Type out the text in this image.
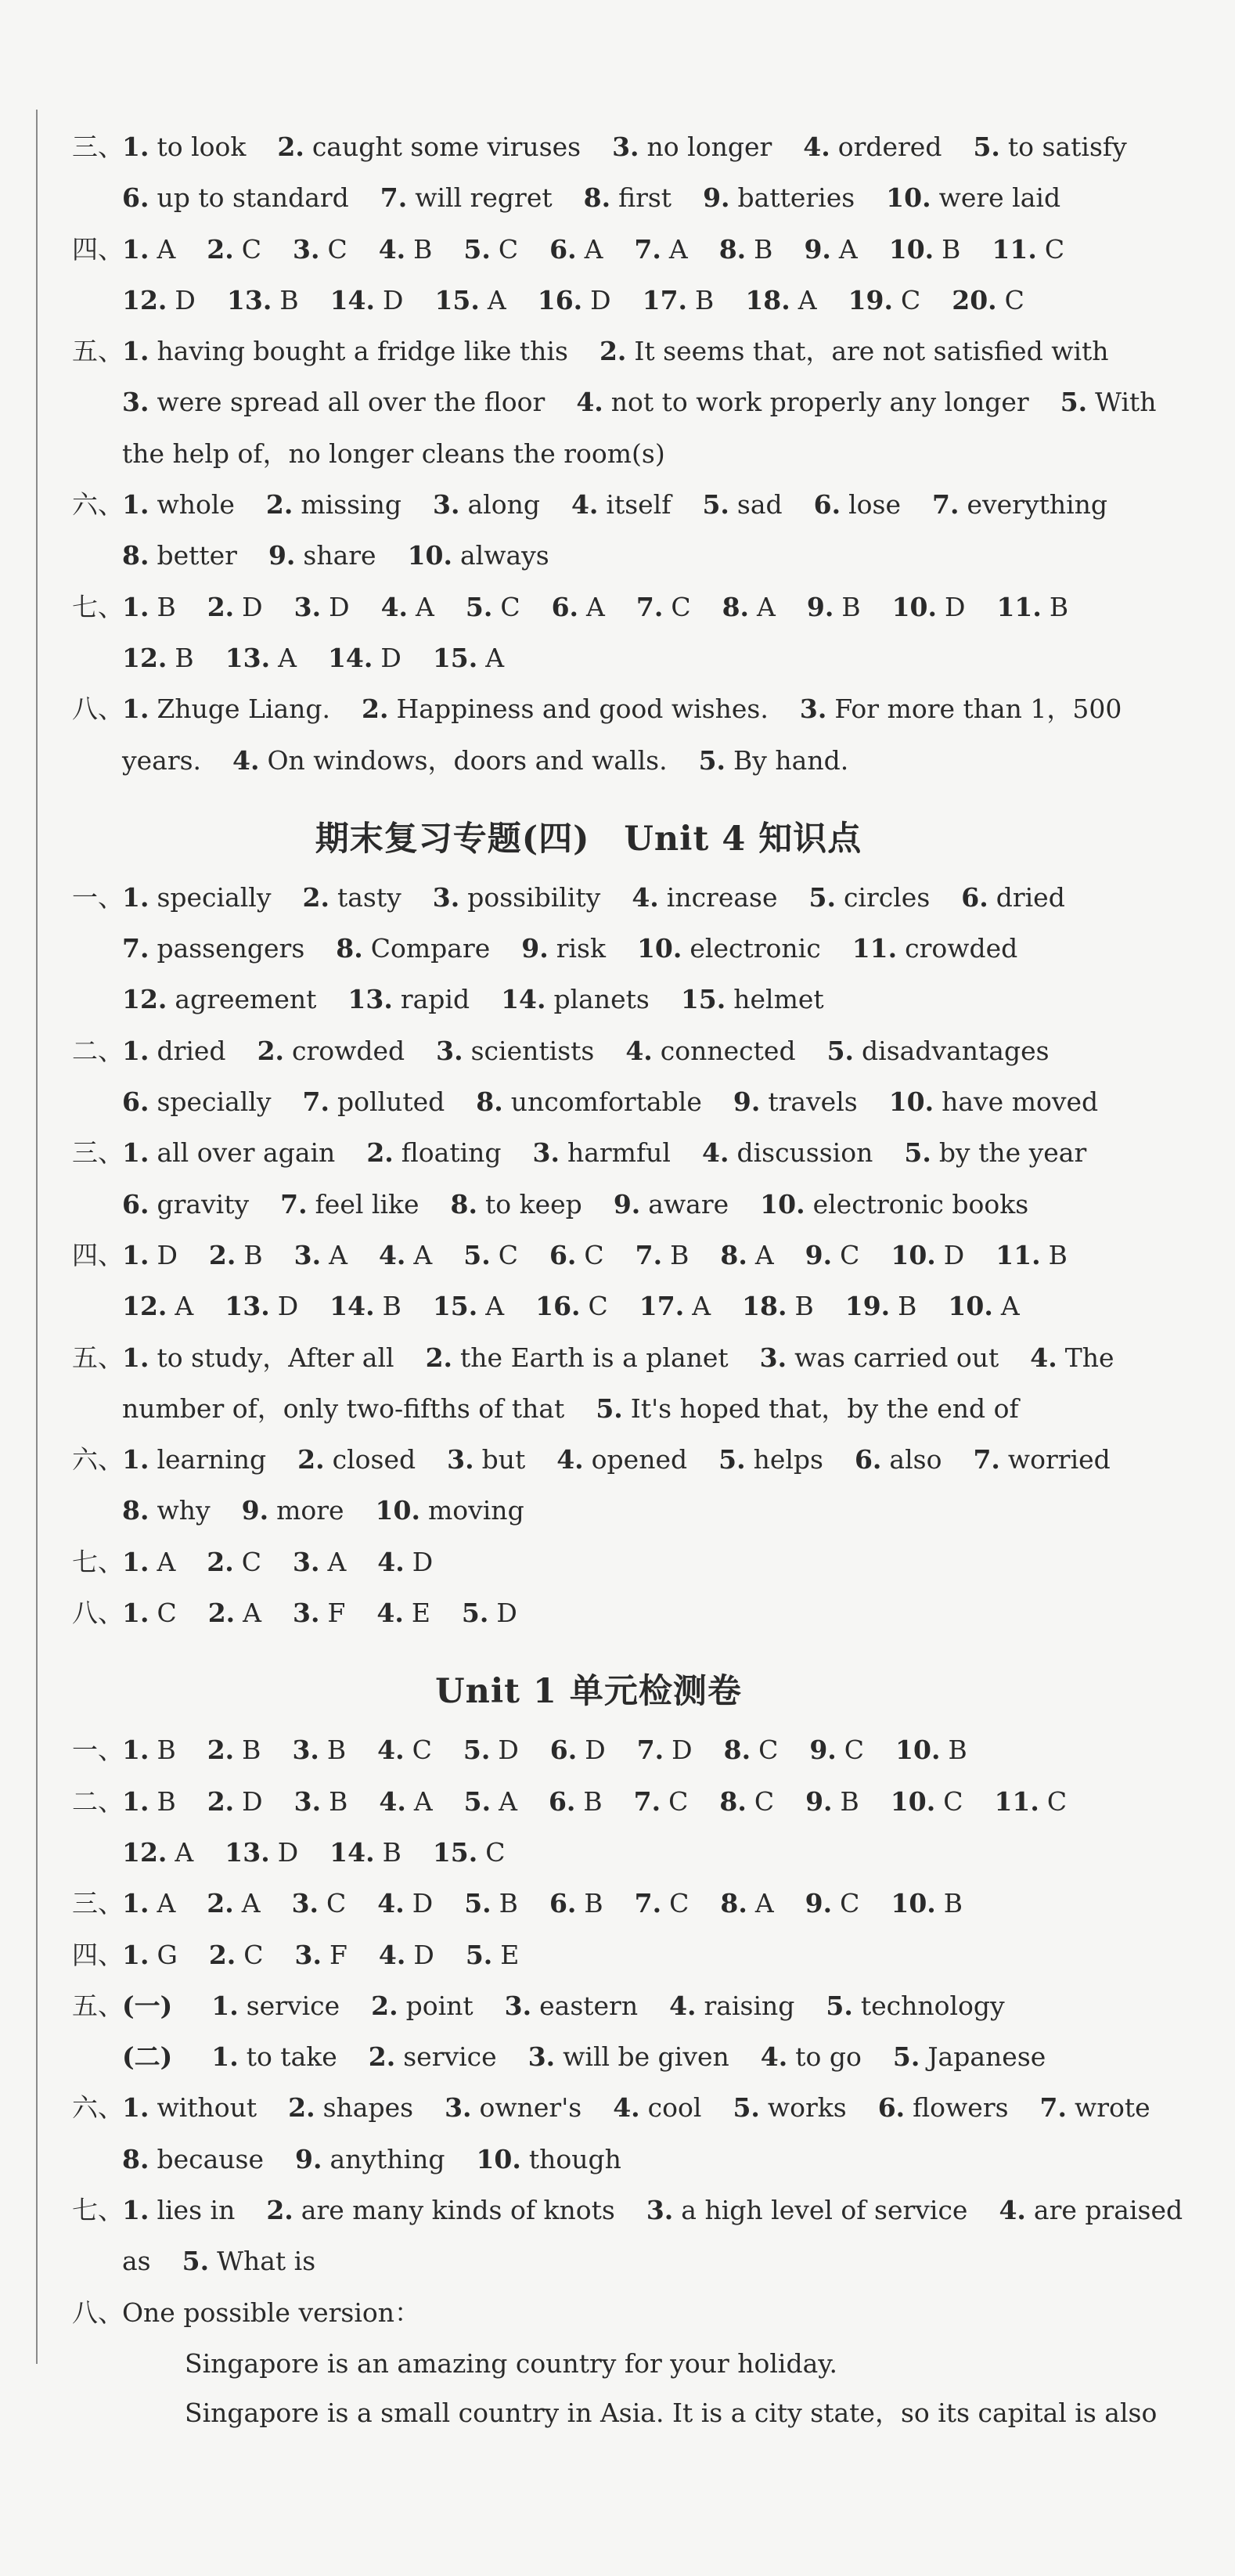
三、1. to look 2. caught some viruses 3. no longer 4. ordered 5. to satisfy
6. up to standard 7. will regret 8. first 9. batteries 10. were laid
四、1. A 2. C 3. C 4. B 5. C 6. A 7. A 8. B 9. A 10. B 11. C
12. D 13. B 14. D 15. A 16. D 17. B 18. A 19. C 20. C
五、1. having bought a fridge like this 2. It seems that，are not satisfied with
3. were spread all over the floor 4. not to work properly any longer 5. With
the help of，no longer cleans the room(s)
六、1. whole 2. missing 3. along 4. itself 5. sad 6. lose 7. everything
8. better 9. share 10. always
七、1. B 2. D 3. D 4. A 5. C 6. A 7. C 8. A 9. B 10. D 11. B
12. B 13. A 14. D 15. A
八、1. Zhuge Liang. 2. Happiness and good wishes. 3. For more than 1，500
years. 4. On windows，doors and walls. 5. By hand.
期末复习专题(四)　Unit 4 知识点
一、1. specially 2. tasty 3. possibility 4. increase 5. circles 6. dried
7. passengers 8. Compare 9. risk 10. electronic 11. crowded
12. agreement 13. rapid 14. planets 15. helmet
二、1. dried 2. crowded 3. scientists 4. connected 5. disadvantages
6. specially 7. polluted 8. uncomfortable 9. travels 10. have moved
三、1. all over again 2. floating 3. harmful 4. discussion 5. by the year
6. gravity 7. feel like 8. to keep 9. aware 10. electronic books
四、1. D 2. B 3. A 4. A 5. C 6. C 7. B 8. A 9. C 10. D 11. B
12. A 13. D 14. B 15. A 16. C 17. A 18. B 19. B 10. A
五、1. to study，After all 2. the Earth is a planet 3. was carried out 4. The
number of，only two-fifths of that 5. It's hoped that，by the end of
六、1. learning 2. closed 3. but 4. opened 5. helps 6. also 7. worried
8. why 9. more 10. moving
七、1. A 2. C 3. A 4. D
八、1. C 2. A 3. F 4. E 5. D
Unit 1 单元检测卷
一、1. B 2. B 3. B 4. C 5. D 6. D 7. D 8. C 9. C 10. B
二、1. B 2. D 3. B 4. A 5. A 6. B 7. C 8. C 9. B 10. C 11. C
12. A 13. D 14. B 15. C
三、1. A 2. A 3. C 4. D 5. B 6. B 7. C 8. A 9. C 10. B
四、1. G 2. C 3. F 4. D 5. E
五、(一) 1. service 2. point 3. eastern 4. raising 5. technology
(二) 1. to take 2. service 3. will be given 4. to go 5. Japanese
六、1. without 2. shapes 3. owner's 4. cool 5. works 6. flowers 7. wrote
8. because 9. anything 10. though
七、1. lies in 2. are many kinds of knots 3. a high level of service 4. are praised
as 5. What is
八、One possible version：
Singapore is an amazing country for your holiday.
Singapore is a small country in Asia. It is a city state，so its capital is also
